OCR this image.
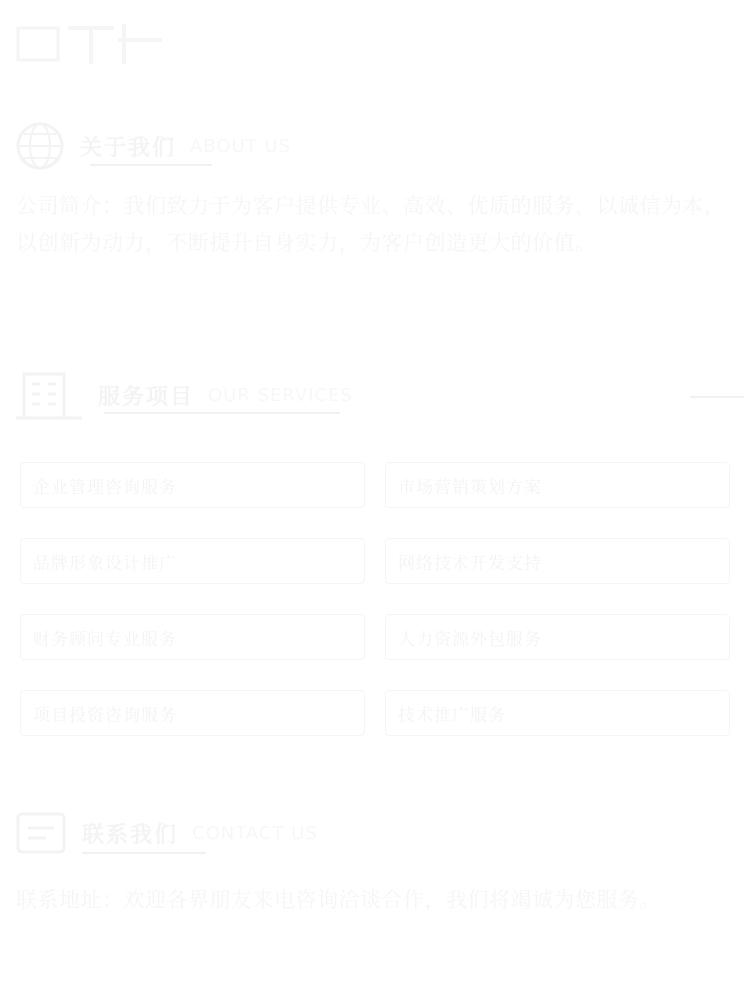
关于我们 ABOUT US
公司简介：我们致力于为客户提供专业、高效、优质的服务，以诚信为本，以创新为动力，不断提升自身实力，为客户创造更大的价值。
服务项目 OUR SERVICES
企业管理咨询服务	市场营销策划方案
品牌形象设计推广	网络技术开发支持
财务顾问专业服务	人力资源外包服务
项目投资咨询服务	技术推广服务
联系我们 CONTACT US
联系地址：欢迎各界朋友来电咨询洽谈合作，我们将竭诚为您服务。
